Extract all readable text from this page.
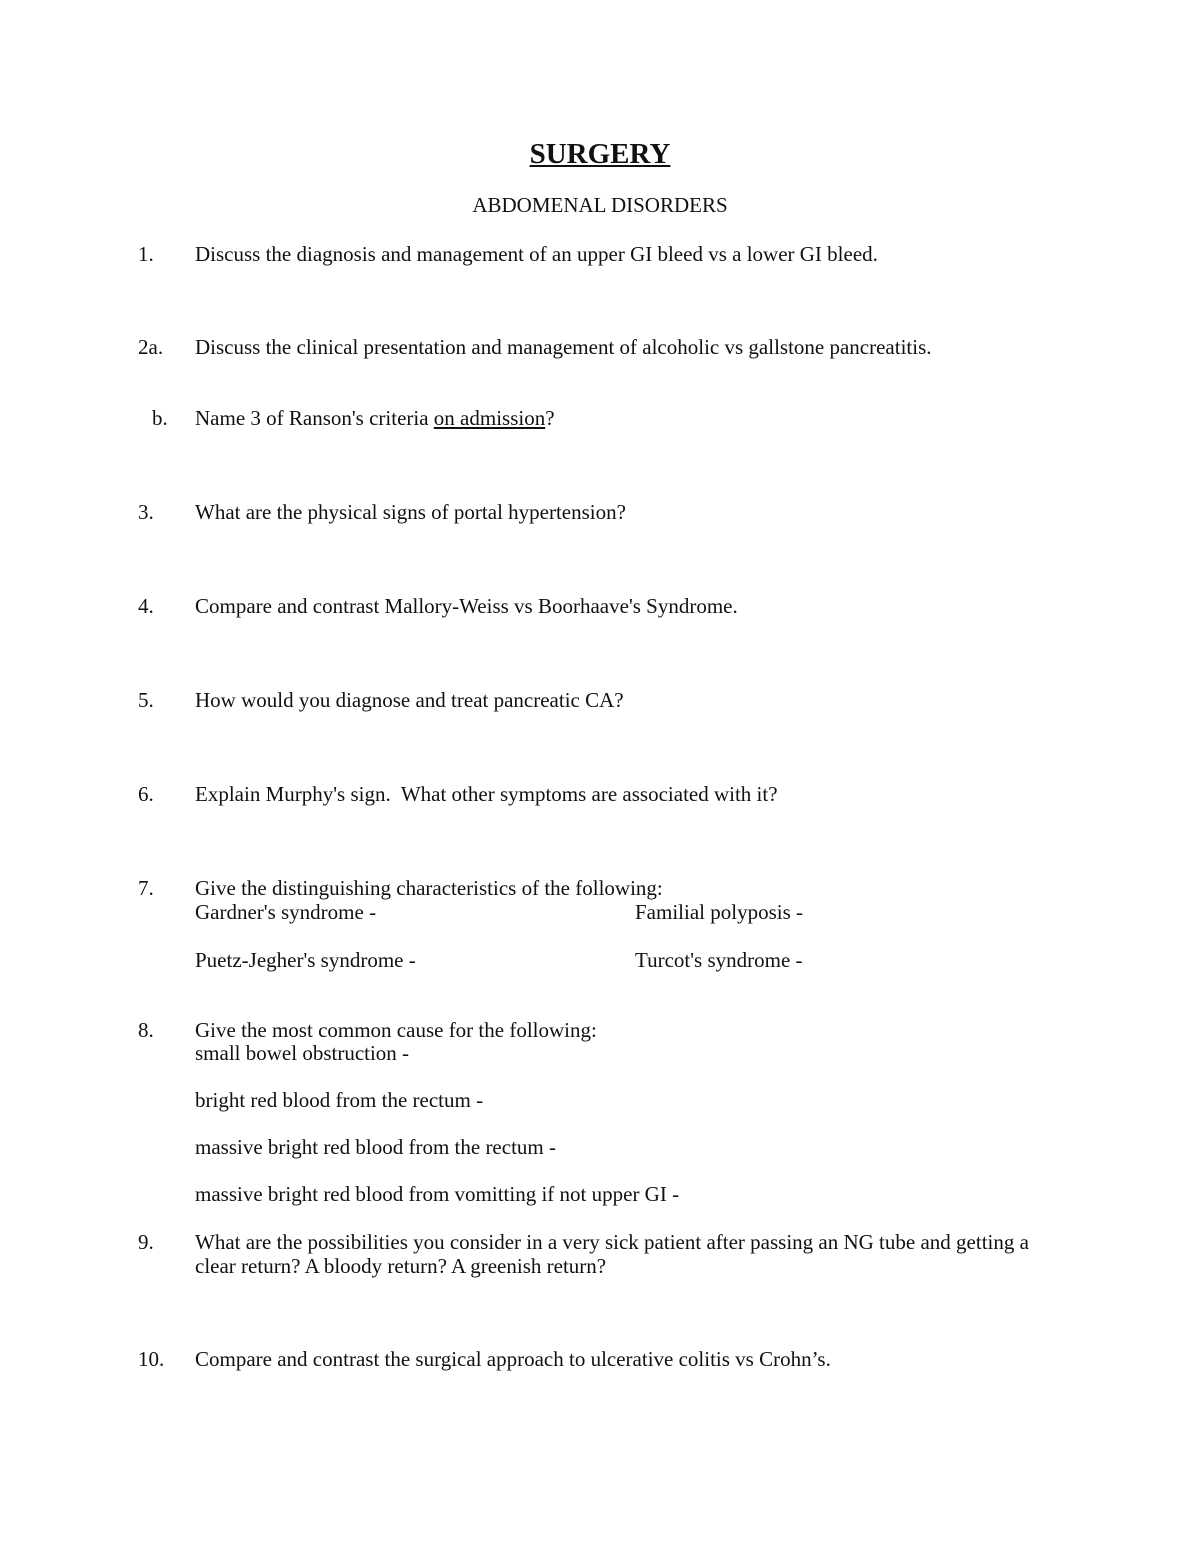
SURGERY
ABDOMENAL DISORDERS
1. Discuss the diagnosis and management of an upper GI bleed vs a lower GI bleed.
2a. Discuss the clinical presentation and management of alcoholic vs gallstone pancreatitis.
b. Name 3 of Ranson's criteria on admission?
3. What are the physical signs of portal hypertension?
4. Compare and contrast Mallory-Weiss vs Boorhaave's Syndrome.
5. How would you diagnose and treat pancreatic CA?
6. Explain Murphy's sign.  What other symptoms are associated with it?
7. Give the distinguishing characteristics of the following:
Gardner's syndrome -	Familial polyposis -
Puetz-Jegher's syndrome -	Turcot's syndrome -
8. Give the most common cause for the following:
small bowel obstruction -
bright red blood from the rectum -
massive bright red blood from the rectum -
massive bright red blood from vomitting if not upper GI -
9. What are the possibilities you consider in a very sick patient after passing an NG tube and getting a clear return? A bloody return? A greenish return?
10. Compare and contrast the surgical approach to ulcerative colitis vs Crohn’s.
